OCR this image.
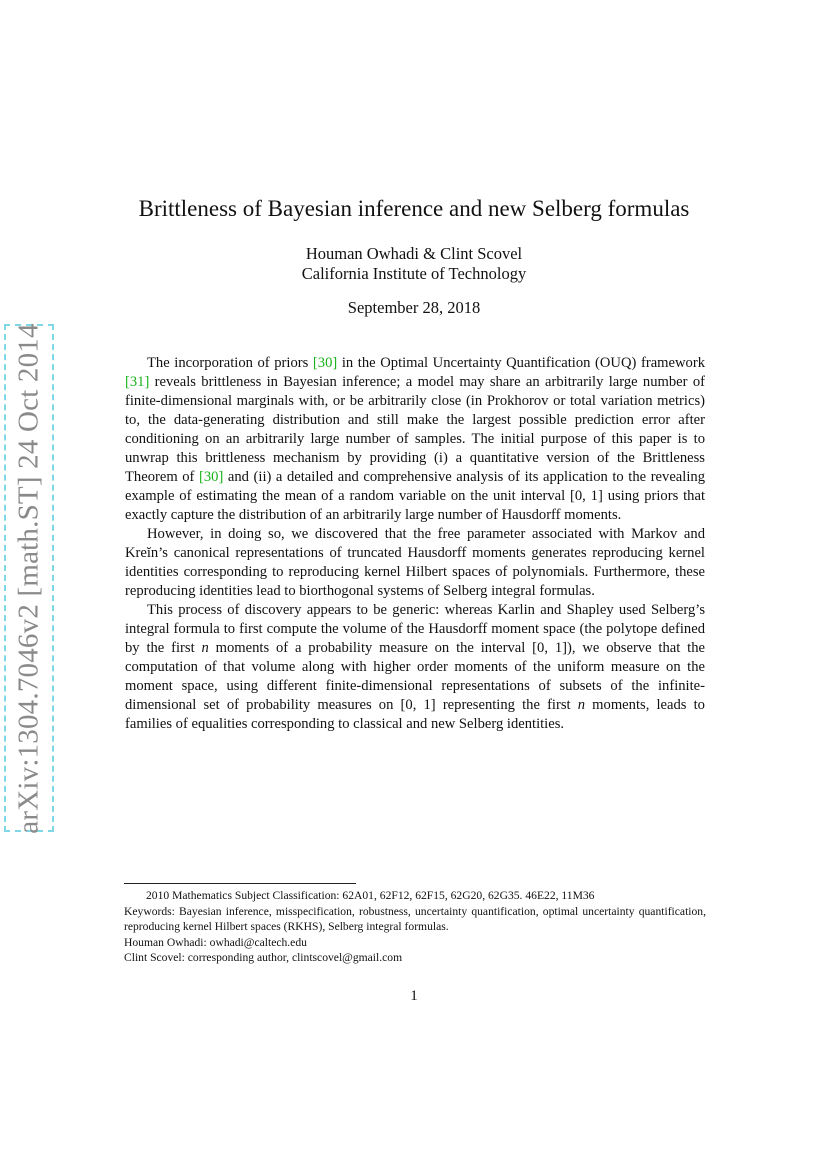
arXiv:1304.7046v2 [math.ST] 24 Oct 2014
Brittleness of Bayesian inference and new Selberg formulas
Houman Owhadi & Clint Scovel
California Institute of Technology
September 28, 2018

The incorporation of priors [30] in the Optimal Uncertainty Quantification (OUQ) framework [31] reveals brittleness in Bayesian inference; a model may share an arbitrarily large number of finite-dimensional marginals with, or be arbitrarily close (in Prokhorov or total variation metrics) to, the data-generating distribution and still make the largest possible prediction error after conditioning on an arbitrarily large number of samples. The initial purpose of this paper is to unwrap this brittleness mechanism by providing (i) a quantitative version of the Brittleness Theorem of [30] and (ii) a detailed and comprehensive analysis of its application to the revealing example of estimating the mean of a random variable on the unit interval [0, 1] using priors that exactly capture the distribution of an arbitrarily large number of Hausdorff moments.

However, in doing so, we discovered that the free parameter associated with Markov and Kreĭn’s canonical representations of truncated Hausdorff moments generates reproducing kernel identities corresponding to reproducing kernel Hilbert spaces of polynomials. Furthermore, these reproducing identities lead to biorthogonal systems of Selberg integral formulas.

This process of discovery appears to be generic: whereas Karlin and Shapley used Selberg’s integral formula to first compute the volume of the Hausdorff moment space (the polytope defined by the first n moments of a probability measure on the interval [0, 1]), we observe that the computation of that volume along with higher order moments of the uniform measure on the moment space, using different finite-dimensional representations of subsets of the infinite-dimensional set of probability measures on [0, 1] representing the first n moments, leads to families of equalities corresponding to classical and new Selberg identities.

2010 Mathematics Subject Classification: 62A01, 62F12, 62F15, 62G20, 62G35. 46E22, 11M36
Keywords: Bayesian inference, misspecification, robustness, uncertainty quantification, optimal uncertainty quantification, reproducing kernel Hilbert spaces (RKHS), Selberg integral formulas.
Houman Owhadi: owhadi@caltech.edu
Clint Scovel: corresponding author, clintscovel@gmail.com
1
